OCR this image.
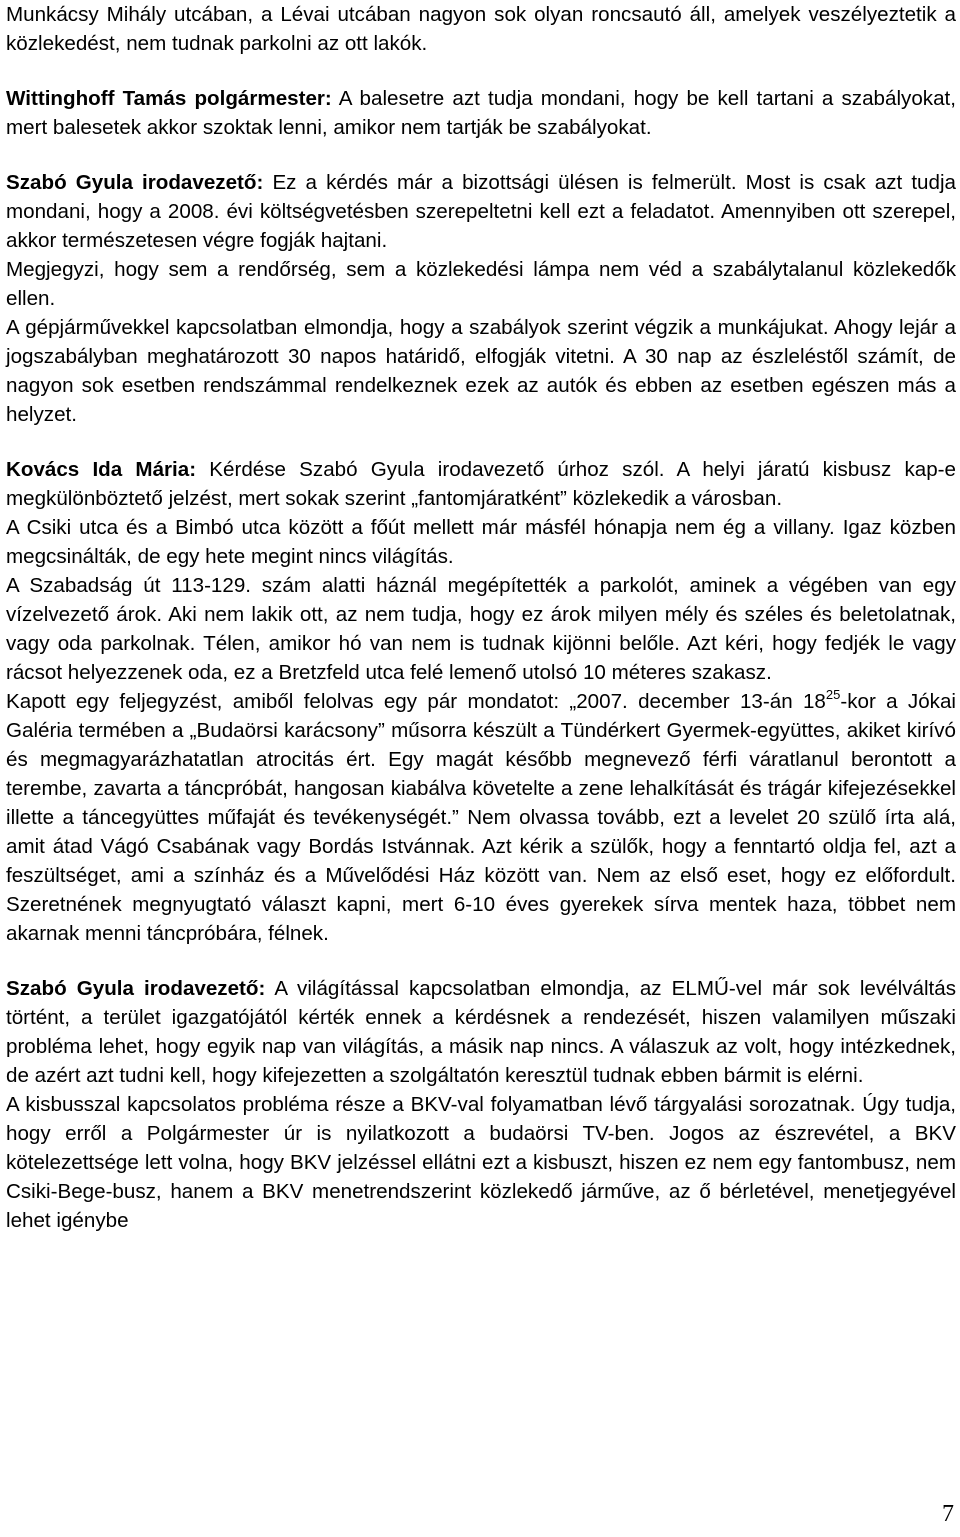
Munkácsy Mihály utcában, a Lévai utcában nagyon sok olyan roncsautó áll, amelyek veszélyeztetik a közlekedést, nem tudnak parkolni az ott lakók.

Wittinghoff Tamás polgármester: A balesetre azt tudja mondani, hogy be kell tartani a szabályokat, mert balesetek akkor szoktak lenni, amikor nem tartják be szabályokat.

Szabó Gyula irodavezető: Ez a kérdés már a bizottsági ülésen is felmerült. Most is csak azt tudja mondani, hogy a 2008. évi költségvetésben szerepeltetni kell ezt a feladatot. Amennyiben ott szerepel, akkor természetesen végre fogják hajtani.

Megjegyzi, hogy sem a rendőrség, sem a közlekedési lámpa nem véd a szabálytalanul közlekedők ellen.

A gépjárművekkel kapcsolatban elmondja, hogy a szabályok szerint végzik a munkájukat. Ahogy lejár a jogszabályban meghatározott 30 napos határidő, elfogják vitetni. A 30 nap az észleléstől számít, de nagyon sok esetben rendszámmal rendelkeznek ezek az autók és ebben az esetben egészen más a helyzet.

Kovács Ida Mária: Kérdése Szabó Gyula irodavezető úrhoz szól. A helyi járatú kisbusz kap-e megkülönböztető jelzést, mert sokak szerint „fantomjáratként” közlekedik a városban.

A Csiki utca és a Bimbó utca között a főút mellett már másfél hónapja nem ég a villany. Igaz közben megcsinálták, de egy hete megint nincs világítás.

A Szabadság út 113-129. szám alatti háznál megépítették a parkolót, aminek a végében van egy vízelvezető árok. Aki nem lakik ott, az nem tudja, hogy ez árok milyen mély és széles és beletolatnak, vagy oda parkolnak. Télen, amikor hó van nem is tudnak kijönni belőle. Azt kéri, hogy fedjék le vagy rácsot helyezzenek oda, ez a Bretzfeld utca felé lemenő utolsó 10 méteres szakasz.

Kapott egy feljegyzést, amiből felolvas egy pár mondatot: „2007. december 13-án $18^{25}$-kor a Jókai Galéria termében a „Budaörsi karácsony” műsorra készült a Tündérkert Gyermek-együttes, akiket kirívó és megmagyarázhatatlan atrocitás ért. Egy magát később megnevező férfi váratlanul berontott a terembe, zavarta a táncpróbát, hangosan kiabálva követelte a zene lehalkítását és trágár kifejezésekkel illette a táncegyüttes műfaját és tevékenységét.” Nem olvassa tovább, ezt a levelet 20 szülő írta alá, amit átad Vágó Csabának vagy Bordás Istvánnak. Azt kérik a szülők, hogy a fenntartó oldja fel, azt a feszültséget, ami a színház és a Művelődési Ház között van. Nem az első eset, hogy ez előfordult. Szeretnének megnyugtató választ kapni, mert 6-10 éves gyerekek sírva mentek haza, többet nem akarnak menni táncpróbára, félnek.

Szabó Gyula irodavezető: A világítással kapcsolatban elmondja, az ELMŰ-vel már sok levélváltás történt, a terület igazgatójától kérték ennek a kérdésnek a rendezését, hiszen valamilyen műszaki probléma lehet, hogy egyik nap van világítás, a másik nap nincs. A válaszuk az volt, hogy intézkednek, de azért azt tudni kell, hogy kifejezetten a szolgáltatón keresztül tudnak ebben bármit is elérni.

A kisbusszal kapcsolatos probléma része a BKV-val folyamatban lévő tárgyalási sorozatnak. Úgy tudja, hogy erről a Polgármester úr is nyilatkozott a budaörsi TV-ben. Jogos az észrevétel, a BKV kötelezettsége lett volna, hogy BKV jelzéssel ellátni ezt a kisbuszt, hiszen ez nem egy fantombusz, nem Csiki-Bege-busz, hanem a BKV menetrendszerint közlekedő járműve, az ő bérletével, menetjegyével lehet igénybe

7
